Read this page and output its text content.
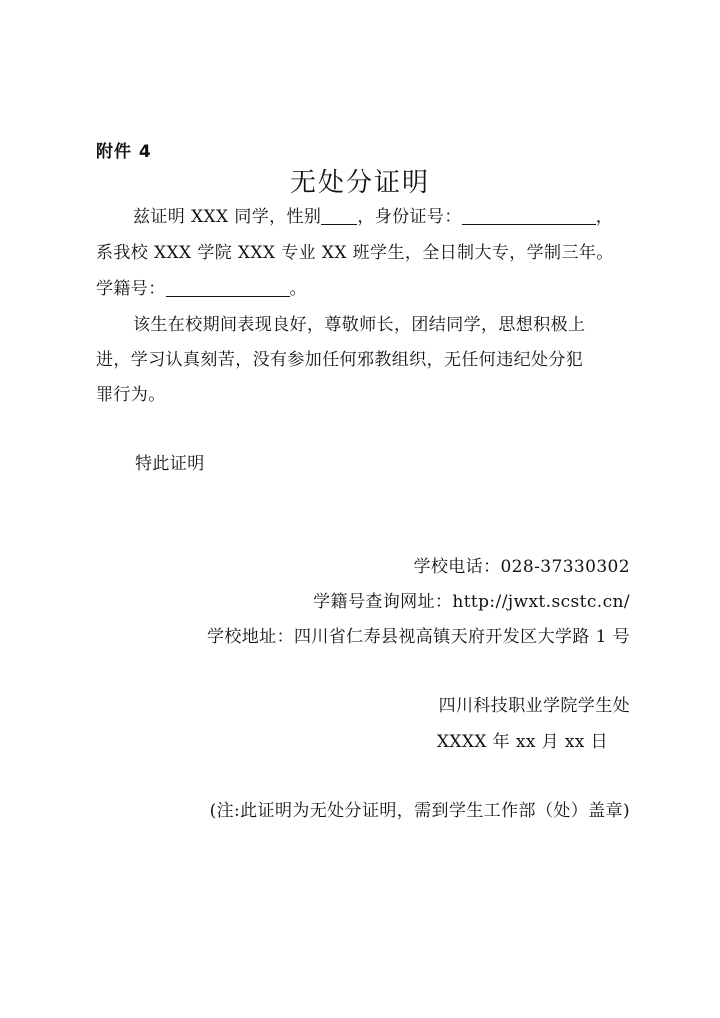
附件 4
无处分证明
兹证明 XXX 同学，性别 ，身份证号：	，
系我校 XXX 学院 XXX 专业 XX 班学生，全日制大专，学制三年。
学籍号：	。
该生在校期间表现良好，尊敬师长，团结同学，思想积极上
进，学习认真刻苦，没有参加任何邪教组织，无任何违纪处分犯
罪行为。
特此证明
学校电话：028-37330302
学籍号查询网址：http://jwxt.scstc.cn/
学校地址：四川省仁寿县视高镇天府开发区大学路 1 号
四川科技职业学院学生处
XXXX 年 xx 月 xx 日
(注:此证明为无处分证明，需到学生工作部（处）盖章)
